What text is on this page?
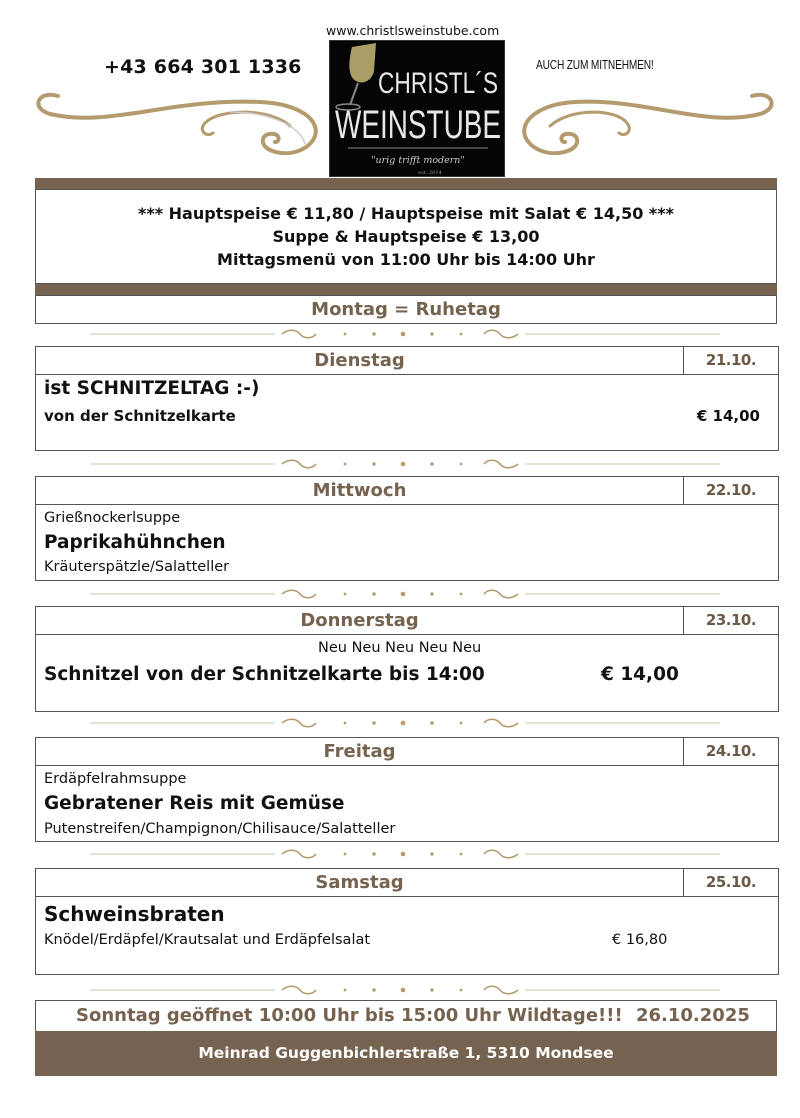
www.christlsweinstube.com
+43 664 301 1336	AUCH ZUM MITNEHMEN!
CHRISTL´S
WEINSTUBE
"urig trifft modern"
est. 2014
*** Hauptspeise € 11,80 / Hauptspeise mit Salat € 14,50 ***
Suppe & Hauptspeise € 13,00
Mittagsmenü von 11:00 Uhr bis 14:00 Uhr
Montag = Ruhetag
Dienstag	21.10.
ist SCHNITZELTAG :-)
von der Schnitzelkarte	€ 14,00
Mittwoch	22.10.
Grießnockerlsuppe
Paprikahühnchen
Kräuterspätzle/Salatteller
Donnerstag	23.10.
Neu Neu Neu Neu Neu
Schnitzel von der Schnitzelkarte bis 14:00	€ 14,00
Freitag	24.10.
Erdäpfelrahmsuppe
Gebratener Reis mit Gemüse
Putenstreifen/Champignon/Chilisauce/Salatteller
Samstag	25.10.
Schweinsbraten
Knödel/Erdäpfel/Krautsalat und Erdäpfelsalat	€ 16,80
Sonntag geöffnet 10:00 Uhr bis 15:00 Uhr Wildtage!!! 26.10.2025
Meinrad Guggenbichlerstraße 1, 5310 Mondsee
